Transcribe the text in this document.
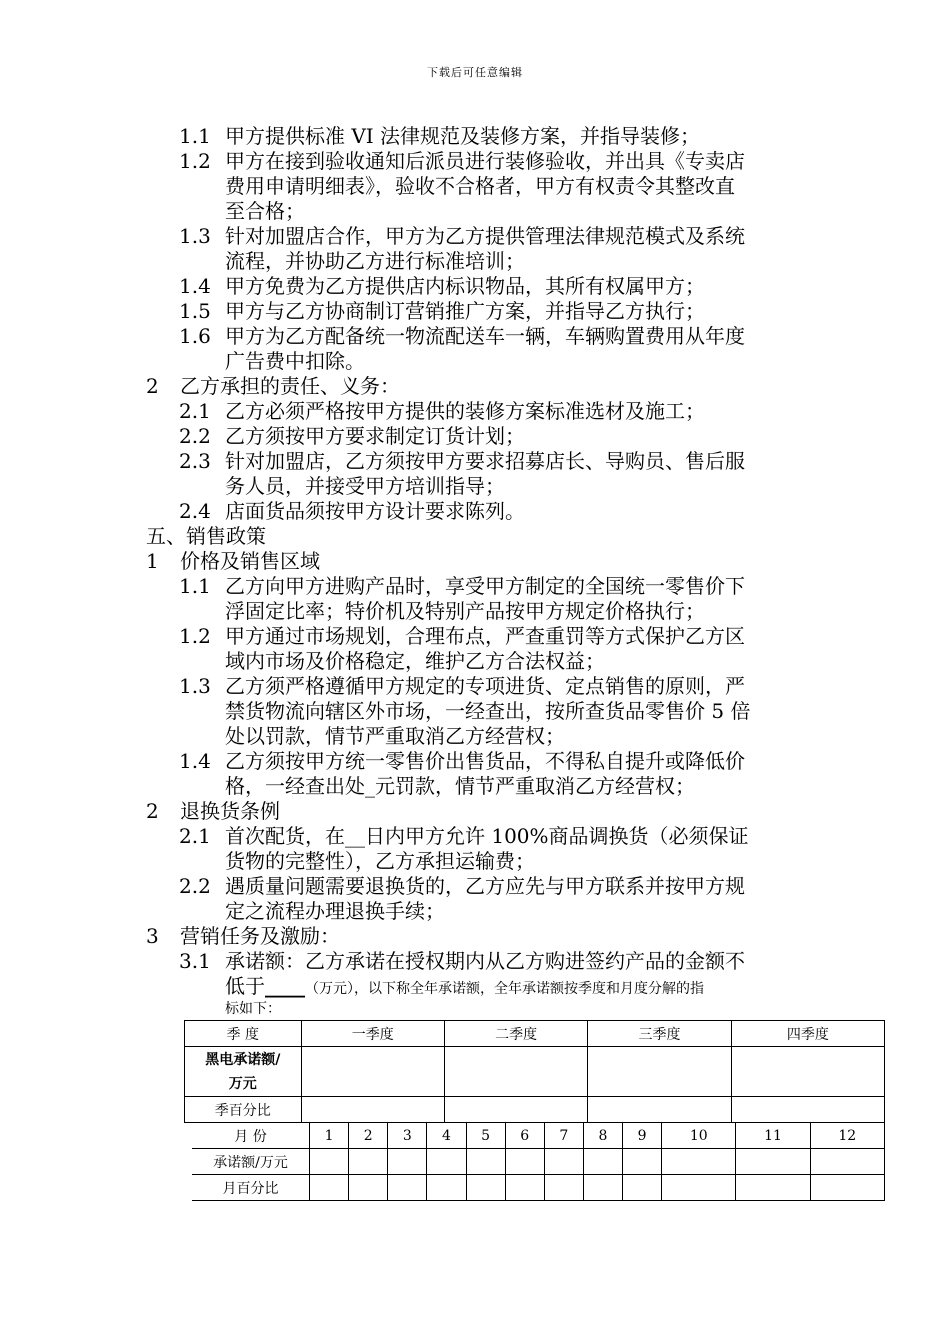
下载后可任意编辑
1.1 甲方提供标准 VI 法律规范及装修方案，并指导装修；
1.2 甲方在接到验收通知后派员进行装修验收，并出具《专卖店
费用申请明细表》，验收不合格者，甲方有权责令其整改直
至合格；
1.3 针对加盟店合作，甲方为乙方提供管理法律规范模式及系统
流程，并协助乙方进行标准培训；
1.4 甲方免费为乙方提供店内标识物品，其所有权属甲方；
1.5 甲方与乙方协商制订营销推广方案，并指导乙方执行；
1.6 甲方为乙方配备统一物流配送车一辆，车辆购置费用从年度
广告费中扣除。
2 乙方承担的责任、义务：
2.1 乙方必须严格按甲方提供的装修方案标准选材及施工；
2.2 乙方须按甲方要求制定订货计划；
2.3 针对加盟店，乙方须按甲方要求招募店长、导购员、售后服
务人员，并接受甲方培训指导；
2.4 店面货品须按甲方设计要求陈列。
五、销售政策
1 价格及销售区域
1.1 乙方向甲方进购产品时，享受甲方制定的全国统一零售价下
浮固定比率；特价机及特别产品按甲方规定价格执行；
1.2 甲方通过市场规划，合理布点，严查重罚等方式保护乙方区
域内市场及价格稳定，维护乙方合法权益；
1.3 乙方须严格遵循甲方规定的专项进货、定点销售的原则，严
禁货物流向辖区外市场，一经查出，按所查货品零售价 5 倍
处以罚款，情节严重取消乙方经营权；
1.4 乙方须按甲方统一零售价出售货品，不得私自提升或降低价
格，一经查出处_元罚款，情节严重取消乙方经营权；
2 退换货条例
2.1 首次配货，在__日内甲方允许 100%商品调换货（必须保证
货物的完整性），乙方承担运输费；
2.2 遇质量问题需要退换货的，乙方应先与甲方联系并按甲方规
定之流程办理退换手续；
3 营销任务及激励：
3.1 承诺额：乙方承诺在授权期内从乙方购进签约产品的金额不
低于____（万元），以下称全年承诺额，全年承诺额按季度和月度分解的指
标如下：
季 度	一季度	二季度	三季度	四季度
黑电承诺额/
万元				
季百分比				
月 份	1	2	3	4	5	6	7	8	9	10	11	12
承诺额/万元												
月百分比												
